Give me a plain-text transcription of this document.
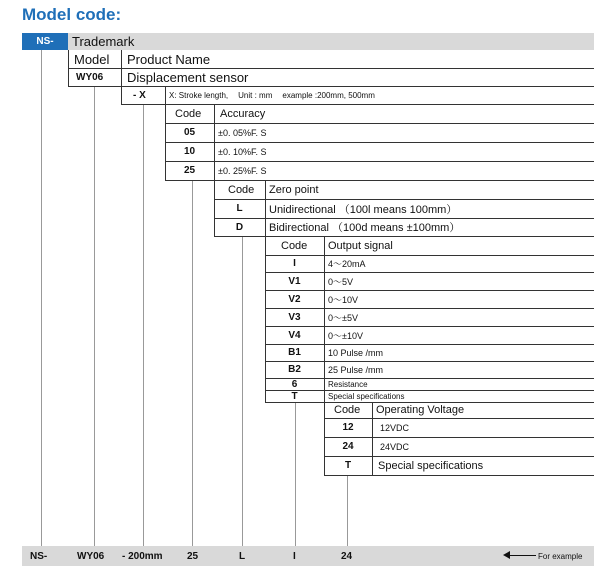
Model code:
NS- Trademark
Model Product Name
WY06 Displacement sensor
- X	X: Stroke length, Unit : mm example :200mm, 500mm
Code Accuracy
05	±0. 05%F. S
10	±0. 10%F. S
25	±0. 25%F. S
Code Zero point
L Unidirectional （100l means 100mm）
D Bidirectional （100d means ±100mm）
Code Output signal
I	4～20mA
V1	0～5V
V2	0～10V
V3	0～±5V
V4	0～±10V
B1	10 Pulse /mm
B2	25 Pulse /mm
6	Resistance
T	Special specifications
Code Operating Voltage
12	12VDC
24	24VDC
T Special specifications
NS-	WY06 - 200mm 25	L	I	24	For example
